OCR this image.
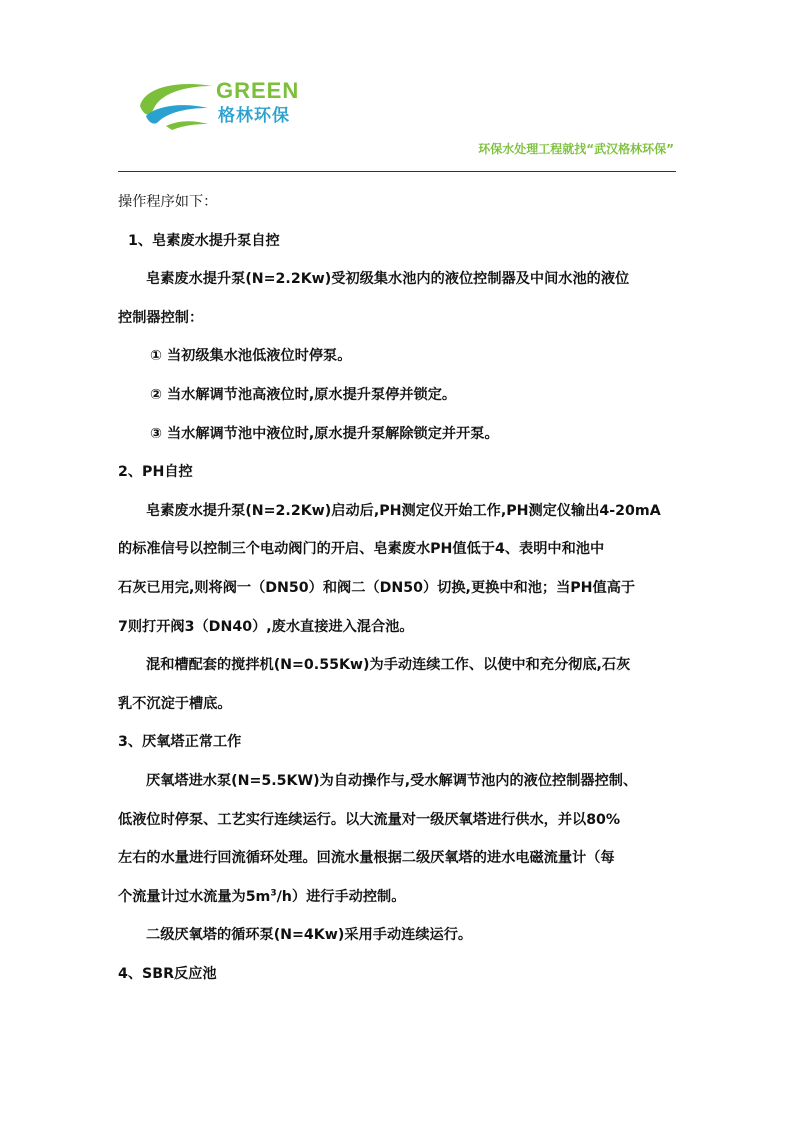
GREEN
格林环保
环保水处理工程就找“武汉格林环保”
操作程序如下：
1、皂素废水提升泵自控
皂素废水提升泵(N=2.2Kw)受初级集水池内的液位控制器及中间水池的液位
控制器控制：
① 当初级集水池低液位时停泵。
② 当水解调节池高液位时,原水提升泵停并锁定。
③ 当水解调节池中液位时,原水提升泵解除锁定并开泵。
2、PH自控
皂素废水提升泵(N=2.2Kw)启动后,PH测定仪开始工作,PH测定仪输出4-20mA
的标准信号以控制三个电动阀门的开启、皂素废水PH值低于4、表明中和池中
石灰已用完,则将阀一（DN50）和阀二（DN50）切换,更换中和池；当PH值高于
7则打开阀3（DN40）,废水直接进入混合池。
混和槽配套的搅拌机(N=0.55Kw)为手动连续工作、以使中和充分彻底,石灰
乳不沉淀于槽底。
3、厌氧塔正常工作
厌氧塔进水泵(N=5.5KW)为自动操作与,受水解调节池内的液位控制器控制、
低液位时停泵、工艺实行连续运行。以大流量对一级厌氧塔进行供水，并以80%
左右的水量进行回流循环处理。回流水量根据二级厌氧塔的进水电磁流量计（每
个流量计过水流量为$5m^3/h$）进行手动控制。
二级厌氧塔的循环泵(N=4Kw)采用手动连续运行。
4、SBR反应池
